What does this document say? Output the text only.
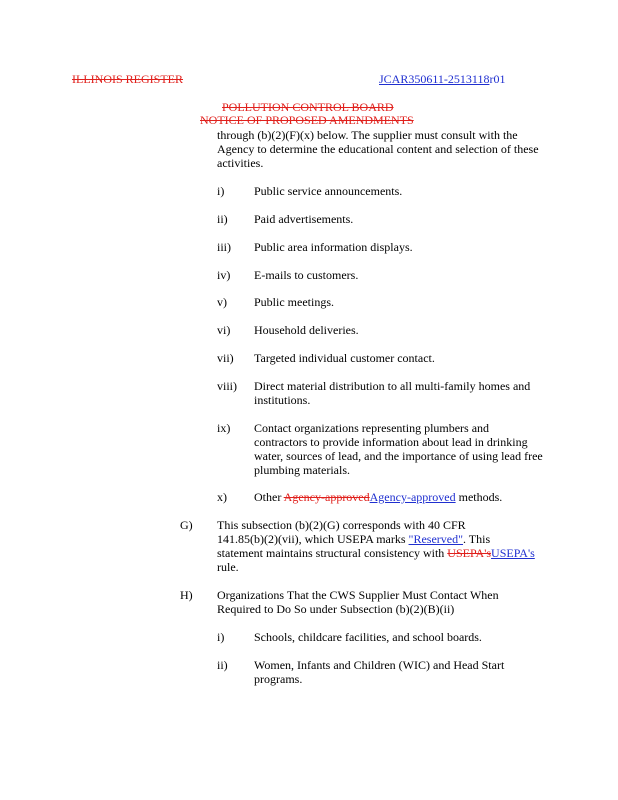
ILLINOIS REGISTER	JCAR350611-2513118r01
POLLUTION CONTROL BOARD
NOTICE OF PROPOSED AMENDMENTS
through (b)(2)(F)(x) below. The supplier must consult with the
Agency to determine the educational content and selection of these
activities.
i) Public service announcements.
ii) Paid advertisements.
iii) Public area information displays.
iv) E-mails to customers.
v) Public meetings.
vi) Household deliveries.
vii) Targeted individual customer contact.
viii) Direct material distribution to all multi-family homes and
institutions.
ix) Contact organizations representing plumbers and
contractors to provide information about lead in drinking
water, sources of lead, and the importance of using lead free
plumbing materials.
x) Other Agency-approvedAgency-approved methods.
G) This subsection (b)(2)(G) corresponds with 40 CFR
141.85(b)(2)(vii), which USEPA marks "Reserved". This
statement maintains structural consistency with USEPA'sUSEPA's
rule.
H) Organizations That the CWS Supplier Must Contact When
Required to Do So under Subsection (b)(2)(B)(ii)
i) Schools, childcare facilities, and school boards.
ii) Women, Infants and Children (WIC) and Head Start
programs.
